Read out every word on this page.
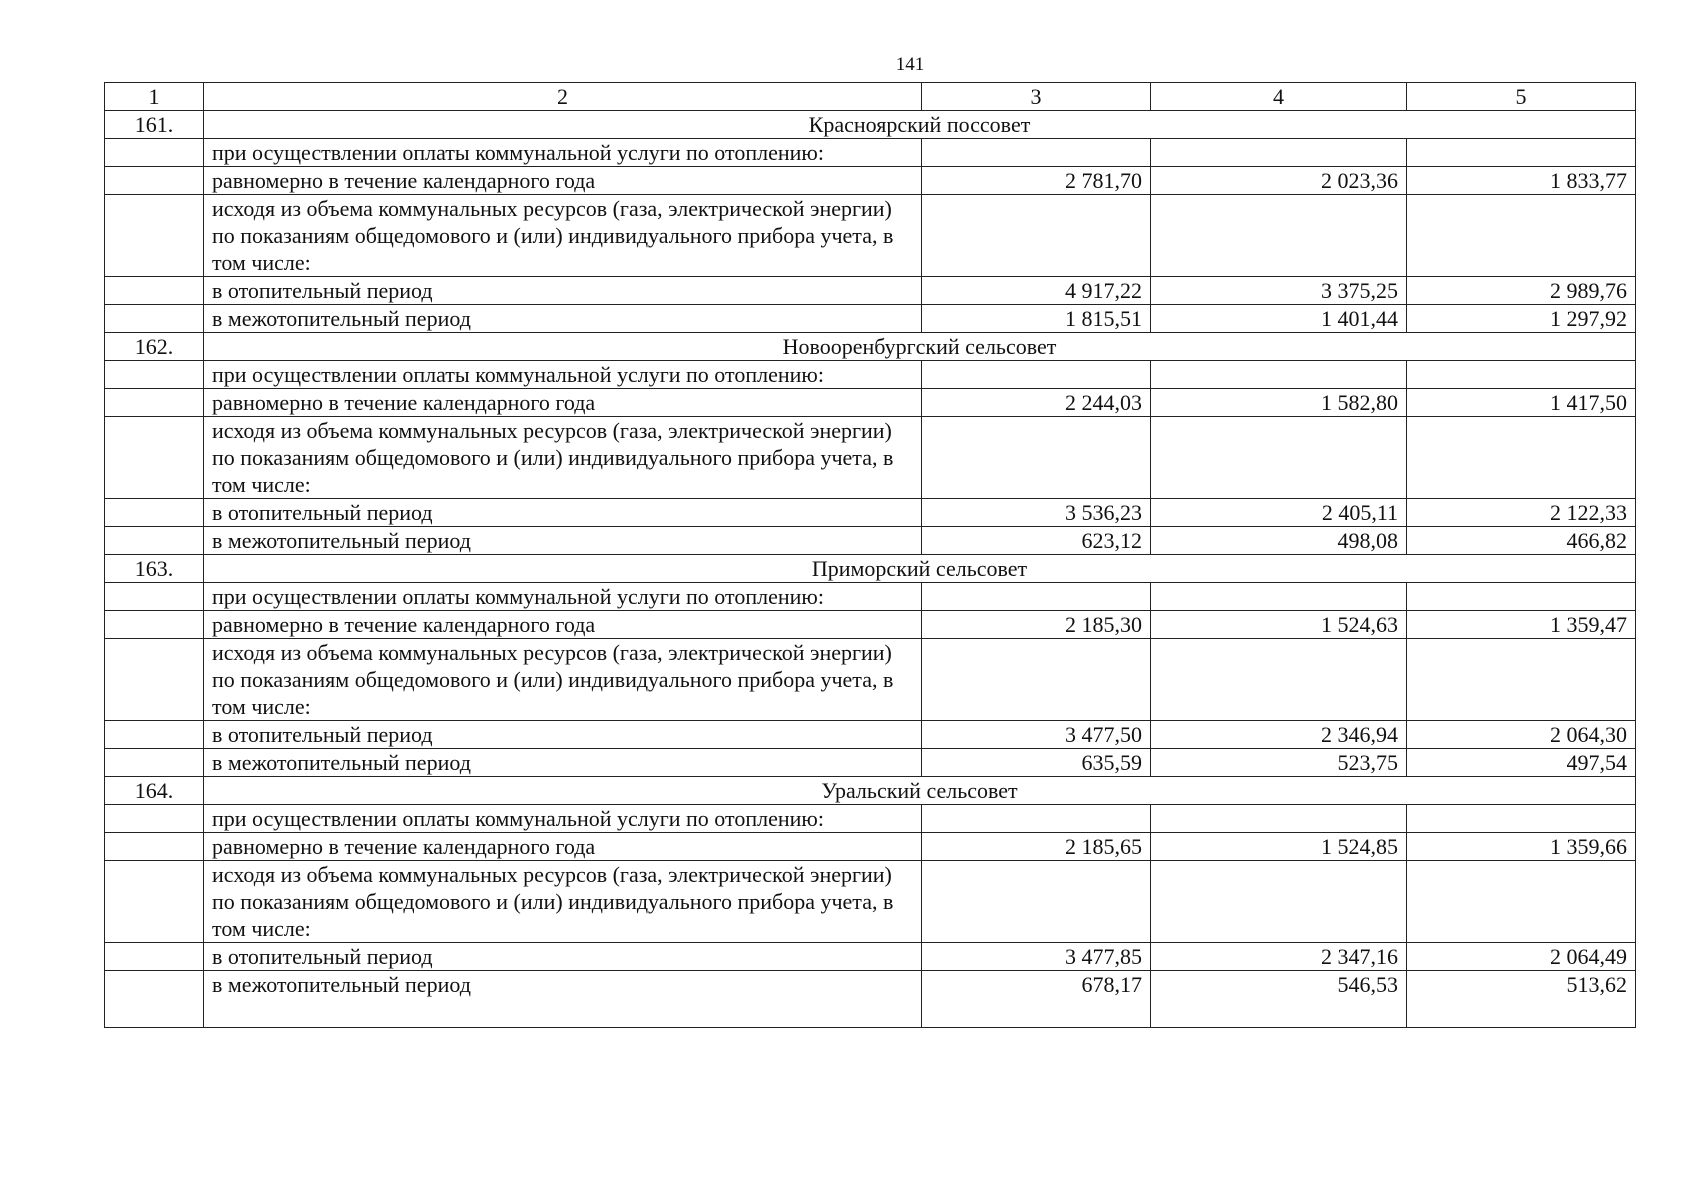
141
1	2	3	4	5
161.	Красноярский поссовет			
	при осуществлении оплаты коммунальной услуги по отоплению:			
	равномерно в течение календарного года	2 781,70	2 023,36	1 833,77
	исходя из объема коммунальных ресурсов (газа, электрической энергии) по показаниям общедомового и (или) индивидуального прибора учета, в том числе:			
	в отопительный период	4 917,22	3 375,25	2 989,76
	в межотопительный период	1 815,51	1 401,44	1 297,92
162.	Новооренбургский сельсовет			
	при осуществлении оплаты коммунальной услуги по отоплению:			
	равномерно в течение календарного года	2 244,03	1 582,80	1 417,50
	исходя из объема коммунальных ресурсов (газа, электрической энергии) по показаниям общедомового и (или) индивидуального прибора учета, в том числе:			
	в отопительный период	3 536,23	2 405,11	2 122,33
	в межотопительный период	623,12	498,08	466,82
163.	Приморский сельсовет			
	при осуществлении оплаты коммунальной услуги по отоплению:			
	равномерно в течение календарного года	2 185,30	1 524,63	1 359,47
	исходя из объема коммунальных ресурсов (газа, электрической энергии) по показаниям общедомового и (или) индивидуального прибора учета, в том числе:			
	в отопительный период	3 477,50	2 346,94	2 064,30
	в межотопительный период	635,59	523,75	497,54
164.	Уральский сельсовет			
	при осуществлении оплаты коммунальной услуги по отоплению:			
	равномерно в течение календарного года	2 185,65	1 524,85	1 359,66
	исходя из объема коммунальных ресурсов (газа, электрической энергии) по показаниям общедомового и (или) индивидуального прибора учета, в том числе:			
	в отопительный период	3 477,85	2 347,16	2 064,49
	в межотопительный период	678,17	546,53	513,62
